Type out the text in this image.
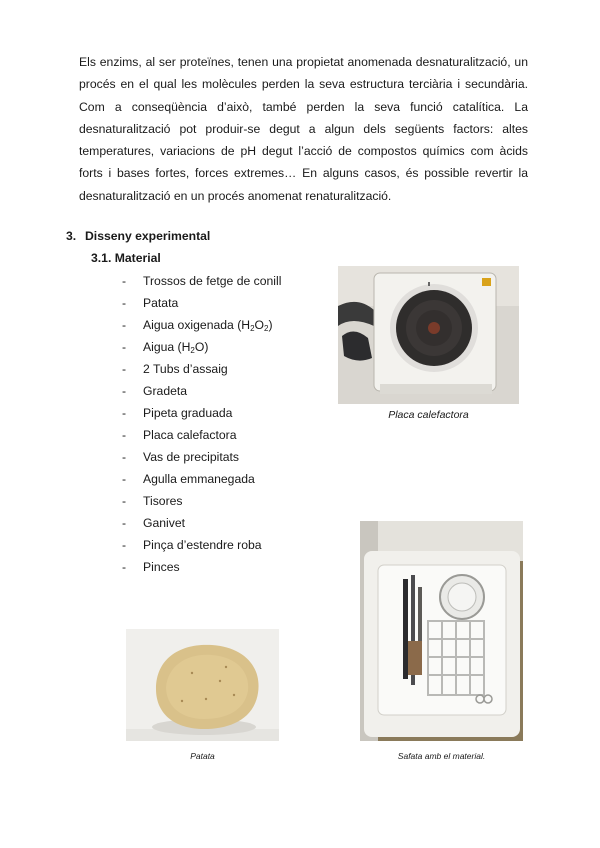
Els enzims, al ser proteïnes, tenen una propietat anomenada desnaturalització, un procés en el qual les molècules perden la seva estructura terciària i secundària. Com a conseqüència d’això, també perden la seva funció catalítica. La desnaturalització pot produir-se degut a algun dels següents factors: altes temperatures, variacions de pH degut l’acció de compostos químics com àcids forts i bases fortes, forces extremes… En alguns casos, és possible revertir la desnaturalització en un procés anomenat renaturalització.

3. Disseny experimental
3.1. Material
- Trossos de fetge de conill
- Patata
- Aigua oxigenada $(H_2O_2)$
- Aigua $(H_2O)$
- 2 Tubs d’assaig
- Gradeta
- Pipeta graduada
- Placa calefactora
- Vas de precipitats
- Agulla emmanegada
- Tisores
- Ganivet
- Pinça d’estendre roba
- Pinces

Placa calefactora

Safata amb el material.

Patata
